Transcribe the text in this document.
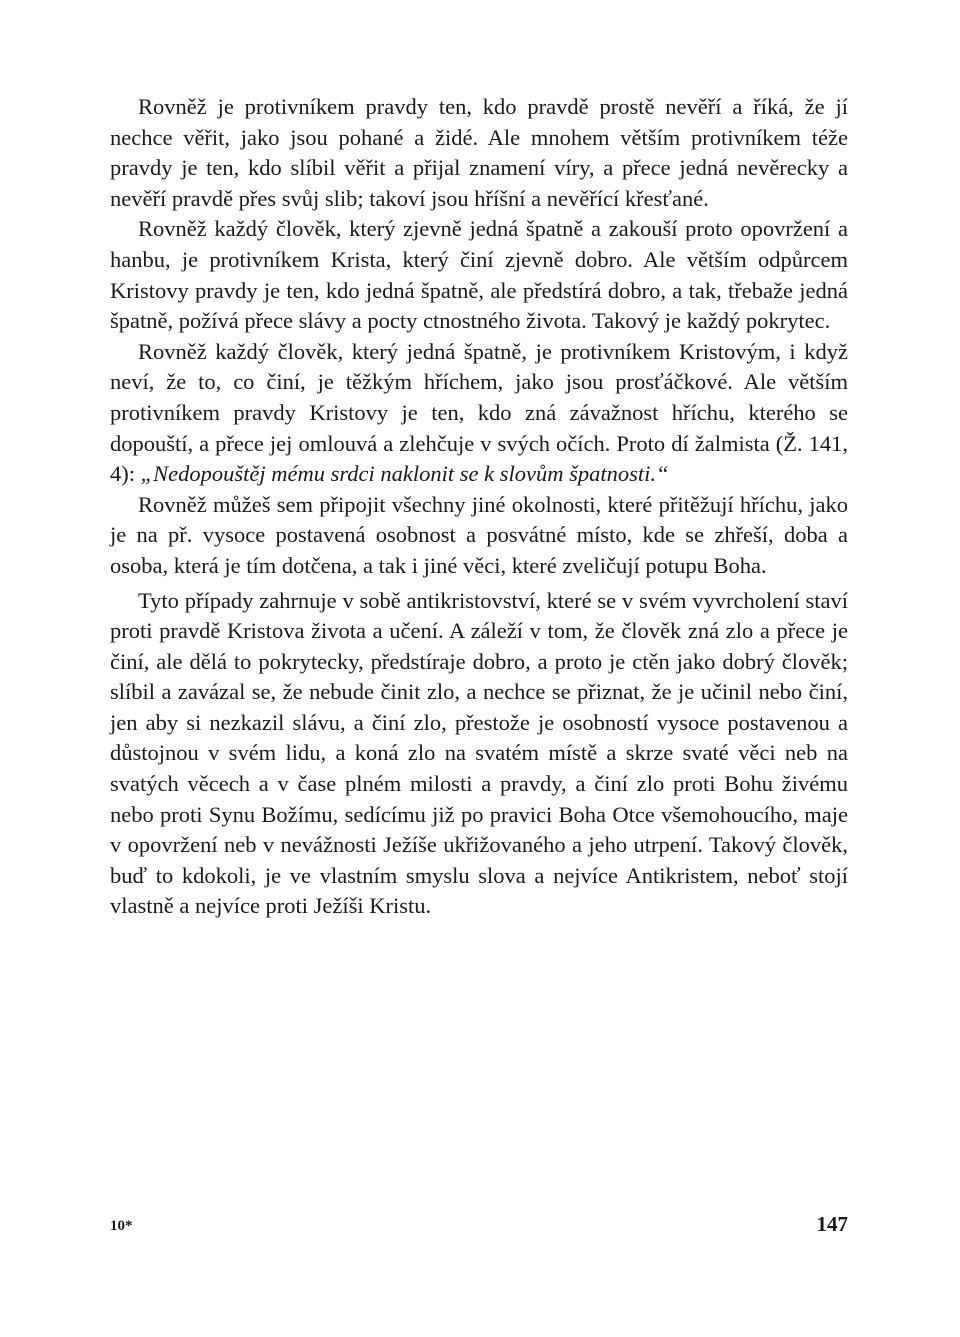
Rovněž je protivníkem pravdy ten, kdo pravdě prostě nevěří a říká, že jí nechce věřit, jako jsou pohané a židé. Ale mnohem větším protivníkem téže pravdy je ten, kdo slíbil věřit a přijal znamení víry, a přece jedná nevěrecky a nevěří pravdě přes svůj slib; takoví jsou hříšní a nevěřící křesťané.

Rovněž každý člověk, který zjevně jedná špatně a zakouší proto opovržení a hanbu, je protivníkem Krista, který činí zjevně dobro. Ale větším odpůrcem Kristovy pravdy je ten, kdo jedná špatně, ale předstírá dobro, a tak, třebaže jedná špatně, požívá přece slávy a pocty ctnostného života. Takový je každý pokrytec.

Rovněž každý člověk, který jedná špatně, je protivníkem Kristovým, i když neví, že to, co činí, je těžkým hříchem, jako jsou prosťáčkové. Ale větším protivníkem pravdy Kristovy je ten, kdo zná závažnost hříchu, kterého se dopouští, a přece jej omlouvá a zlehčuje v svých očích. Proto dí žalmista (Ž. 141, 4): „Nedopouštěj mému srdci naklonit se k slovům špatnosti.“

Rovněž můžeš sem připojit všechny jiné okolnosti, které přitěžují hříchu, jako je na př. vysoce postavená osobnost a posvátné místo, kde se zhřeší, doba a osoba, která je tím dotčena, a tak i jiné věci, které zveličují potupu Boha.

Tyto případy zahrnuje v sobě antikristovství, které se v svém vyvrcholení staví proti pravdě Kristova života a učení. A záleží v tom, že člověk zná zlo a přece je činí, ale dělá to pokrytecky, předstíraje dobro, a proto je ctěn jako dobrý člověk; slíbil a zavázal se, že nebude činit zlo, a nechce se přiznat, že je učinil nebo činí, jen aby si nezkazil slávu, a činí zlo, přestože je osobností vysoce postavenou a důstojnou v svém lidu, a koná zlo na svatém místě a skrze svaté věci neb na svatých věcech a v čase plném milosti a pravdy, a činí zlo proti Bohu živému nebo proti Synu Božímu, sedícímu již po pravici Boha Otce všemohoucího, maje v opovržení neb v nevážnosti Ježíše ukřižovaného a jeho utrpení. Takový člověk, buď to kdokoli, je ve vlastním smyslu slova a nejvíce Antikristem, neboť stojí vlastně a nejvíce proti Ježíši Kristu.

10*	147
